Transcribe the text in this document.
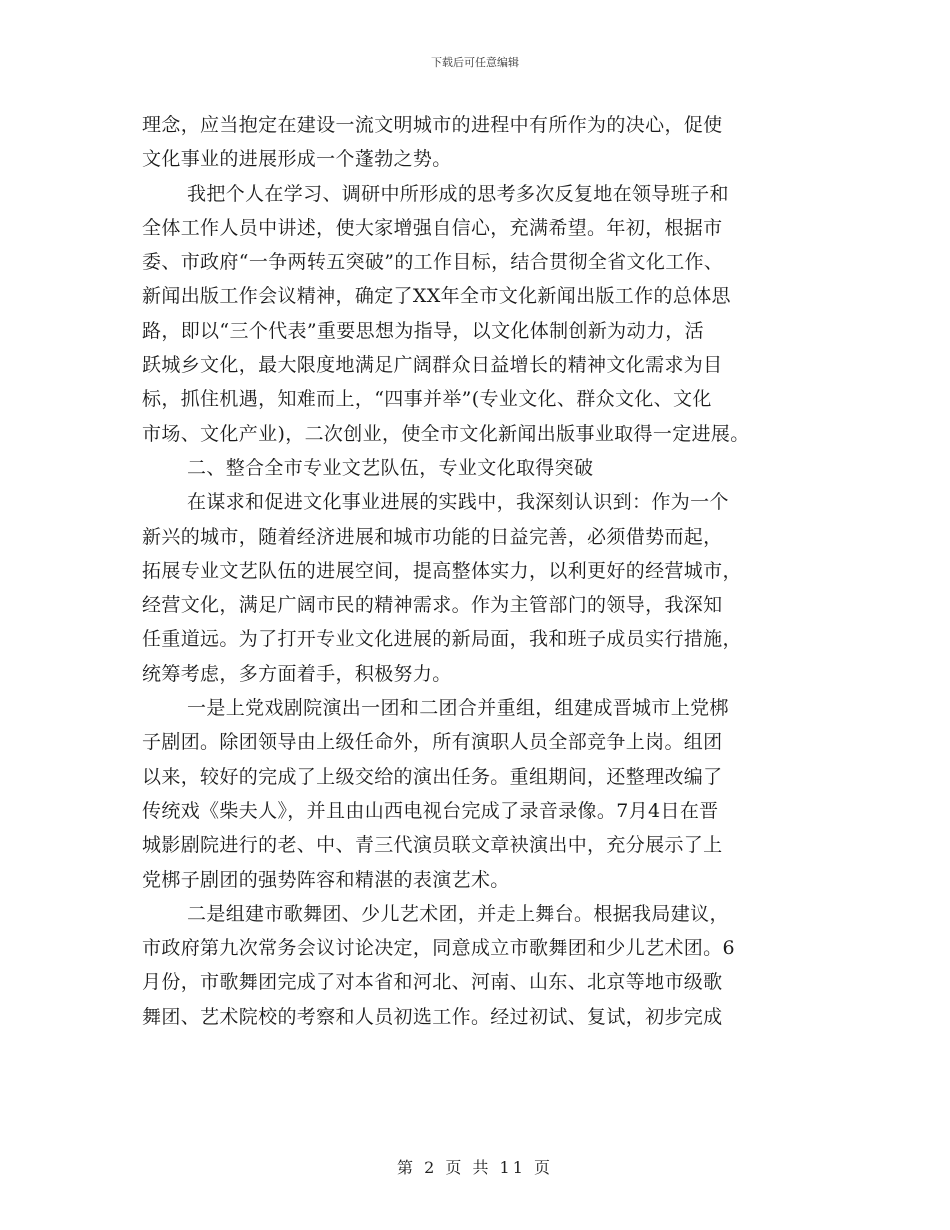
下载后可任意编辑
理念，应当抱定在建设一流文明城市的进程中有所作为的决心，促使
文化事业的进展形成一个蓬勃之势。
我把个人在学习、调研中所形成的思考多次反复地在领导班子和
全体工作人员中讲述，使大家增强自信心，充满希望。年初，根据市
委、市政府“一争两转五突破”的工作目标，结合贯彻全省文化工作、
新闻出版工作会议精神，确定了XX年全市文化新闻出版工作的总体思
路，即以“三个代表”重要思想为指导，以文化体制创新为动力，活
跃城乡文化，最大限度地满足广阔群众日益增长的精神文化需求为目
标，抓住机遇，知难而上，“四事并举”(专业文化、群众文化、文化
市场、文化产业)，二次创业，使全市文化新闻出版事业取得一定进展。
二、整合全市专业文艺队伍，专业文化取得突破
在谋求和促进文化事业进展的实践中，我深刻认识到：作为一个
新兴的城市，随着经济进展和城市功能的日益完善，必须借势而起，
拓展专业文艺队伍的进展空间，提高整体实力，以利更好的经营城市，
经营文化，满足广阔市民的精神需求。作为主管部门的领导，我深知
任重道远。为了打开专业文化进展的新局面，我和班子成员实行措施，
统筹考虑，多方面着手，积极努力。
一是上党戏剧院演出一团和二团合并重组，组建成晋城市上党梆
子剧团。除团领导由上级任命外，所有演职人员全部竞争上岗。组团
以来，较好的完成了上级交给的演出任务。重组期间，还整理改编了
传统戏《柴夫人》，并且由山西电视台完成了录音录像。7月4日在晋
城影剧院进行的老、中、青三代演员联文章袂演出中，充分展示了上
党梆子剧团的强势阵容和精湛的表演艺术。
二是组建市歌舞团、少儿艺术团，并走上舞台。根据我局建议，
市政府第九次常务会议讨论决定，同意成立市歌舞团和少儿艺术团。6
月份，市歌舞团完成了对本省和河北、河南、山东、北京等地市级歌
舞团、艺术院校的考察和人员初选工作。经过初试、复试，初步完成
第 2 页 共 11 页
